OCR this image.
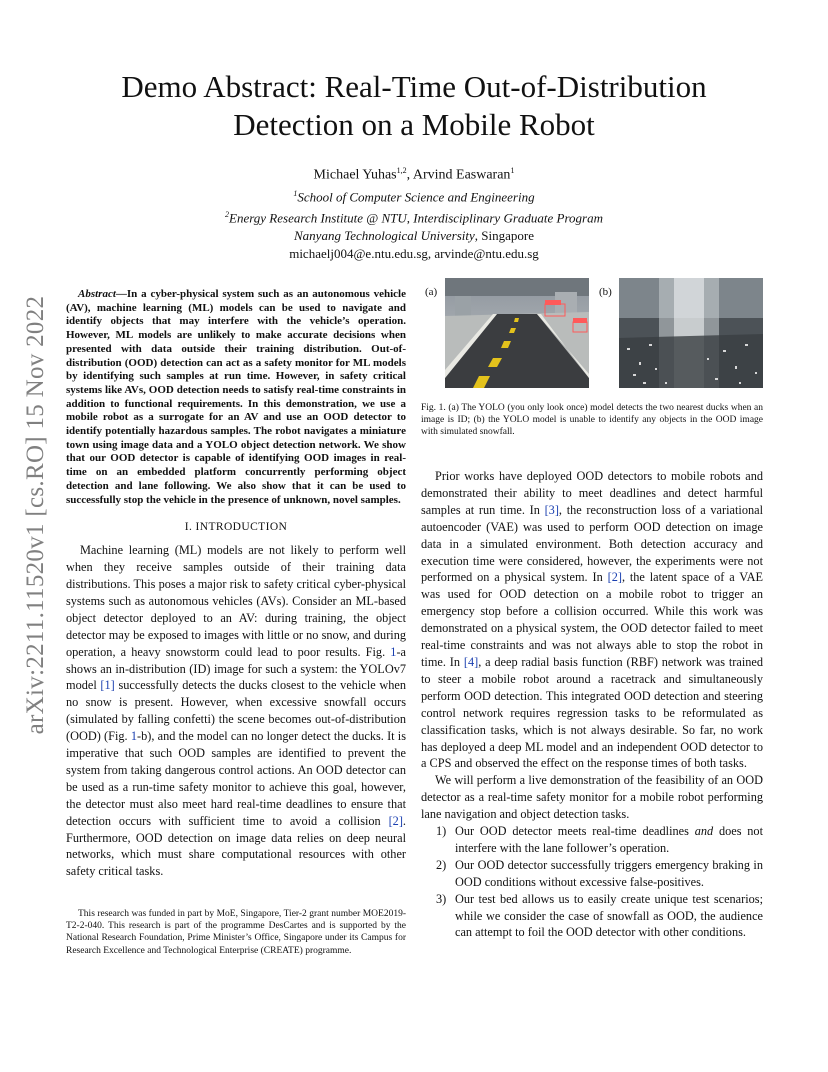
arXiv:2211.11520v1 [cs.RO] 15 Nov 2022
Demo Abstract: Real-Time Out-of-Distribution Detection on a Mobile Robot
Michael Yuhas$^{1,2}$, Arvind Easwaran$^1$
$^1$School of Computer Science and Engineering
$^2$Energy Research Institute @ NTU, Interdisciplinary Graduate Program
Nanyang Technological University, Singapore
michaelj004@e.ntu.edu.sg, arvinde@ntu.edu.sg

Abstract—In a cyber-physical system such as an autonomous vehicle (AV), machine learning (ML) models can be used to navigate and identify objects that may interfere with the vehicle’s operation. However, ML models are unlikely to make accurate decisions when presented with data outside their training distribution. Out-of-distribution (OOD) detection can act as a safety monitor for ML models by identifying such samples at run time. However, in safety critical systems like AVs, OOD detection needs to satisfy real-time constraints in addition to functional requirements. In this demonstration, we use a mobile robot as a surrogate for an AV and use an OOD detector to identify potentially hazardous samples. The robot navigates a miniature town using image data and a YOLO object detection network. We show that our OOD detector is capable of identifying OOD images in real-time on an embedded platform concurrently performing object detection and lane following. We also show that it can be used to successfully stop the vehicle in the presence of unknown, novel samples.

I. INTRODUCTION

Machine learning (ML) models are not likely to perform well when they receive samples outside of their training data distributions. This poses a major risk to safety critical cyber-physical systems such as autonomous vehicles (AVs). Consider an ML-based object detector deployed to an AV: during training, the object detector may be exposed to images with little or no snow, and during operation, a heavy snowstorm could lead to poor results. Fig. 1-a shows an in-distribution (ID) image for such a system: the YOLOv7 model [1] successfully detects the ducks closest to the vehicle when no snow is present. However, when excessive snowfall occurs (simulated by falling confetti) the scene becomes out-of-distribution (OOD) (Fig. 1-b), and the model can no longer detect the ducks. It is imperative that such OOD samples are identified to prevent the system from taking dangerous control actions. An OOD detector can be used as a run-time safety monitor to achieve this goal, however, the detector must also meet hard real-time deadlines to ensure that detection occurs with sufficient time to avoid a collision [2]. Furthermore, OOD detection on image data relies on deep neural networks, which must share computational resources with other safety critical tasks.

This research was funded in part by MoE, Singapore, Tier-2 grant number MOE2019-T2-2-040. This research is part of the programme DesCartes and is supported by the National Research Foundation, Prime Minister’s Office, Singapore under its Campus for Research Excellence and Technological Enterprise (CREATE) programme.
(a)	(b)
Fig. 1. (a) The YOLO (you only look once) model detects the two nearest ducks when an image is ID; (b) the YOLO model is unable to identify any objects in the OOD image with simulated snowfall.

Prior works have deployed OOD detectors to mobile robots and demonstrated their ability to meet deadlines and detect harmful samples at run time. In [3], the reconstruction loss of a variational autoencoder (VAE) was used to perform OOD detection on image data in a simulated environment. Both detection accuracy and execution time were considered, however, the experiments were not performed on a physical system. In [2], the latent space of a VAE was used for OOD detection on a mobile robot to trigger an emergency stop before a collision occurred. While this work was demonstrated on a physical system, the OOD detector failed to meet real-time constraints and was not always able to stop the robot in time. In [4], a deep radial basis function (RBF) network was trained to steer a mobile robot around a racetrack and simultaneously perform OOD detection. This integrated OOD detection and steering control network requires regression tasks to be reformulated as classification tasks, which is not always desirable. So far, no work has deployed a deep ML model and an independent OOD detector to a CPS and observed the effect on the response times of both tasks.

We will perform a live demonstration of the feasibility of an OOD detector as a real-time safety monitor for a mobile robot performing lane navigation and object detection tasks.

1) Our OOD detector meets real-time deadlines and does not interfere with the lane follower’s operation.
2) Our OOD detector successfully triggers emergency braking in OOD conditions without excessive false-positives.
3) Our test bed allows us to easily create unique test scenarios; while we consider the case of snowfall as OOD, the audience can attempt to foil the OOD detector with other conditions.
